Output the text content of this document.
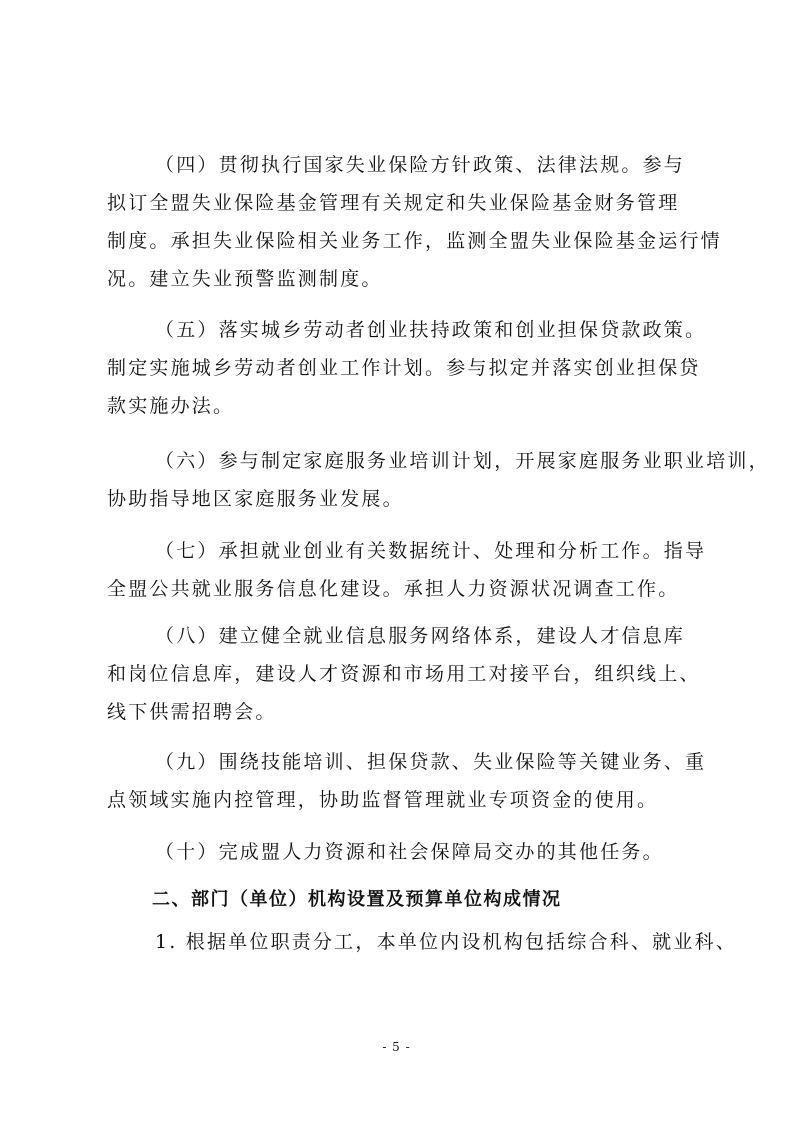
（四）贯彻执行国家失业保险方针政策、法律法规。参与
拟订全盟失业保险基金管理有关规定和失业保险基金财务管理
制度。承担失业保险相关业务工作，监测全盟失业保险基金运行情
况。建立失业预警监测制度。

（五）落实城乡劳动者创业扶持政策和创业担保贷款政策。
制定实施城乡劳动者创业工作计划。参与拟定并落实创业担保贷
款实施办法。

（六）参与制定家庭服务业培训计划，开展家庭服务业职业培训，
协助指导地区家庭服务业发展。

（七）承担就业创业有关数据统计、处理和分析工作。指导
全盟公共就业服务信息化建设。承担人力资源状况调查工作。

（八）建立健全就业信息服务网络体系，建设人才信息库
和岗位信息库，建设人才资源和市场用工对接平台，组织线上、
线下供需招聘会。

（九）围绕技能培训、担保贷款、失业保险等关键业务、重
点领域实施内控管理，协助监督管理就业专项资金的使用。

（十）完成盟人力资源和社会保障局交办的其他任务。

二、部门（单位）机构设置及预算单位构成情况

1. 根据单位职责分工，本单位内设机构包括综合科、就业科、

- 5 -
